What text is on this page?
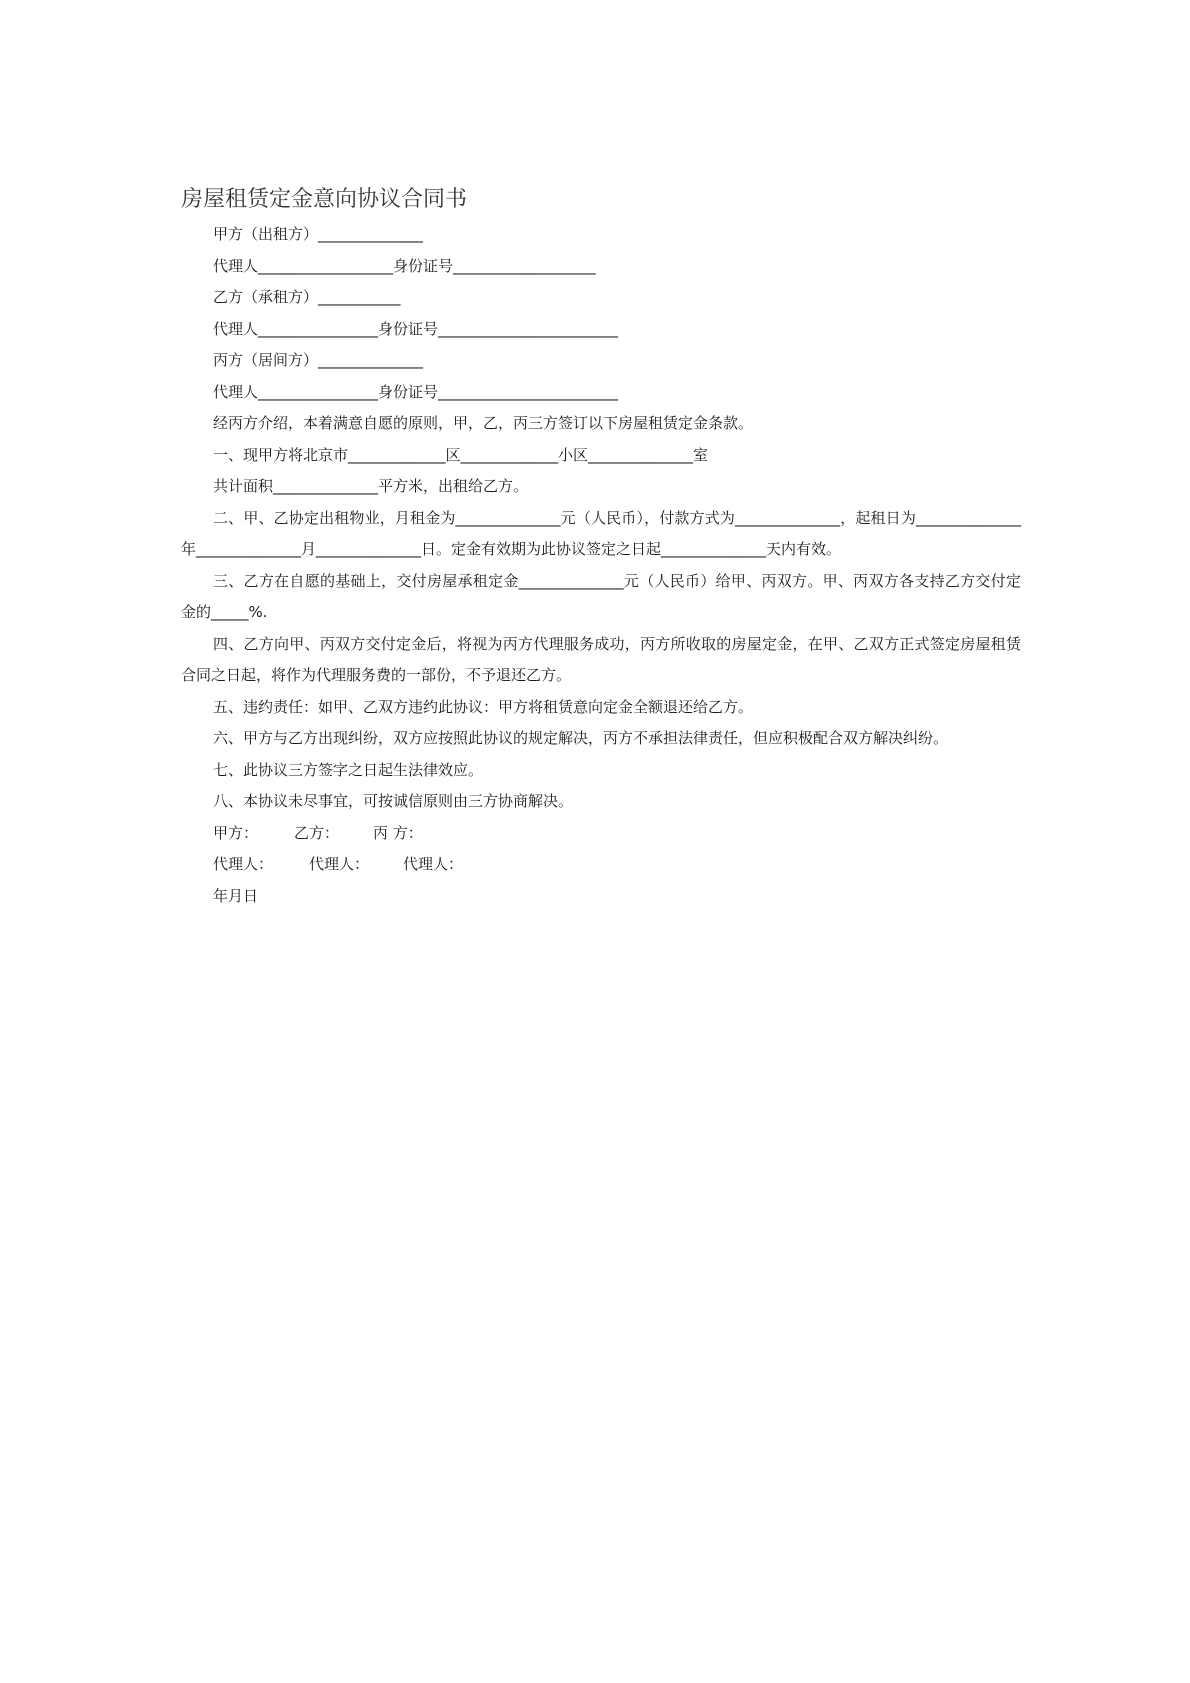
房屋租赁定金意向协议合同书

甲方（出租方）______________

代理人__________________身份证号___________________

乙方（承租方）___________

代理人________________身份证号________________________

丙方（居间方）______________

代理人________________身份证号________________________

经丙方介绍，本着满意自愿的原则，甲，乙，丙三方签订以下房屋租赁定金条款。

一、现甲方将北京市_____________区_____________小区______________室

共计面积______________平方米，出租给乙方。

二、甲、乙协定出租物业，月租金为______________元（人民币），付款方式为______________，起租日为______________年______________月______________日。定金有效期为此协议签定之日起______________天内有效。

三、乙方在自愿的基础上，交付房屋承租定金______________元（人民币）给甲、丙双方。甲、丙双方各支持乙方交付定金的_____%.

四、乙方向甲、丙双方交付定金后，将视为丙方代理服务成功，丙方所收取的房屋定金，在甲、乙双方正式签定房屋租赁合同之日起，将作为代理服务费的一部份，不予退还乙方。

五、违约责任：如甲、乙双方违约此协议：甲方将租赁意向定金全额退还给乙方。

六、甲方与乙方出现纠纷，双方应按照此协议的规定解决，丙方不承担法律责任，但应积极配合双方解决纠纷。

七、此协议三方签字之日起生法律效应。

八、本协议未尽事宜，可按诚信原则由三方协商解决。

甲方： 乙方： 丙 方：

代理人： 代理人： 代理人：

年月日
